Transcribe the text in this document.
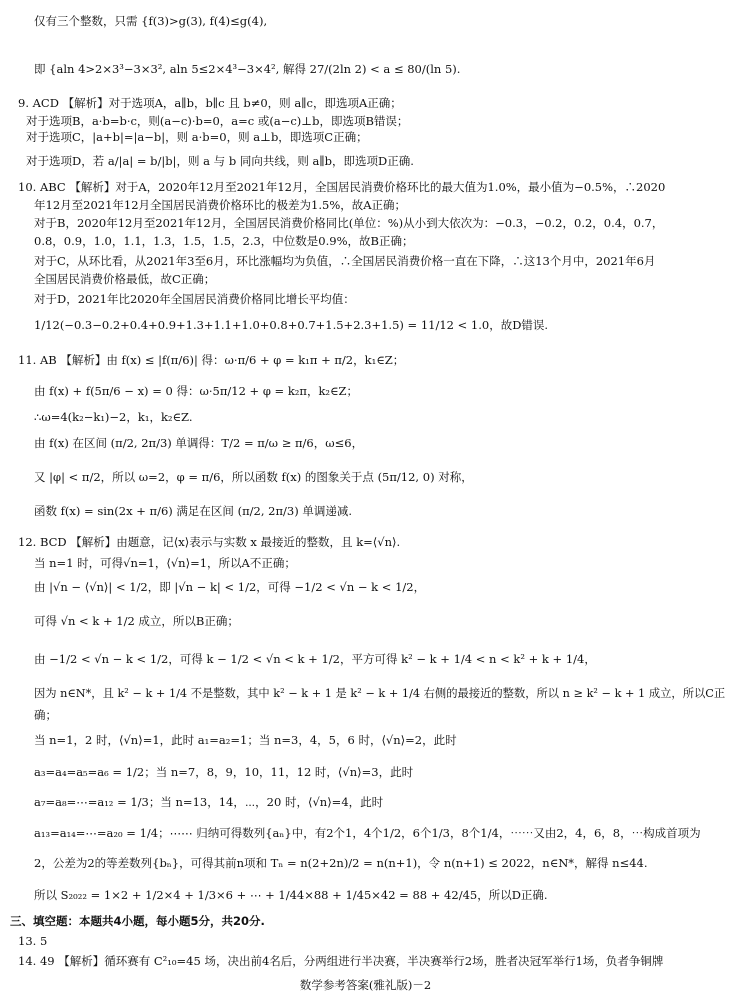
仅有三个整数，只需 {f(3)>g(3), f(4)≤g(4),
即 {aln 4>2×3³−3×3², aln 5≤2×4³−3×4², 解得 27/(2ln 2) < a ≤ 80/(ln 5).
9. ACD 【解析】对于选项A，a∥b，b∥c 且 b≠0，则 a∥c，即选项A正确；
对于选项B，a·b=b·c，则(a−c)·b=0，a=c 或(a−c)⊥b，即选项B错误；
对于选项C，|a+b|=|a−b|，则 a·b=0，则 a⊥b，即选项C正确；
对于选项D，若 a/|a| = b/|b|，则 a 与 b 同向共线，则 a∥b，即选项D正确.
10. ABC 【解析】对于A，2020年12月至2021年12月，全国居民消费价格环比的最大值为1.0%，最小值为−0.5%，∴2020
年12月至2021年12月全国居民消费价格环比的极差为1.5%，故A正确；
对于B，2020年12月至2021年12月，全国居民消费价格同比(单位：%)从小到大依次为：−0.3，−0.2，0.2，0.4，0.7，
0.8，0.9，1.0，1.1，1.3，1.5，1.5，2.3，中位数是0.9%，故B正确；
对于C，从环比看，从2021年3至6月，环比涨幅均为负值，∴全国居民消费价格一直在下降，∴这13个月中，2021年6月
全国居民消费价格最低，故C正确；
对于D，2021年比2020年全国居民消费价格同比增长平均值：
1/12(−0.3−0.2+0.4+0.9+1.3+1.1+1.0+0.8+0.7+1.5+2.3+1.5) = 11/12 < 1.0，故D错误.
11. AB 【解析】由 f(x) ≤ |f(π/6)| 得：ω·π/6 + φ = k₁π + π/2，k₁∈Z；
由 f(x) + f(5π/6 − x) = 0 得：ω·5π/12 + φ = k₂π，k₂∈Z；
∴ω=4(k₂−k₁)−2，k₁，k₂∈Z.
由 f(x) 在区间 (π/2, 2π/3) 单调得：T/2 = π/ω ≥ π/6，ω≤6，
又 |φ| < π/2，所以 ω=2，φ = π/6，所以函数 f(x) 的图象关于点 (5π/12, 0) 对称，
函数 f(x) = sin(2x + π/6) 满足在区间 (π/2, 2π/3) 单调递减.
12. BCD 【解析】由题意，记⟨x⟩表示与实数 x 最接近的整数，且 k=⟨√n⟩.
当 n=1 时，可得√n=1，⟨√n⟩=1，所以A不正确；
由 |√n − ⟨√n⟩| < 1/2，即 |√n − k| < 1/2，可得 −1/2 < √n − k < 1/2，
可得 √n < k + 1/2 成立，所以B正确；
由 −1/2 < √n − k < 1/2，可得 k − 1/2 < √n < k + 1/2，平方可得 k² − k + 1/4 < n < k² + k + 1/4，
因为 n∈N*，且 k² − k + 1/4 不是整数，其中 k² − k + 1 是 k² − k + 1/4 右侧的最接近的整数，所以 n ≥ k² − k + 1 成立，所以C正
确；
当 n=1，2 时，⟨√n⟩=1，此时 a₁=a₂=1；当 n=3，4，5，6 时，⟨√n⟩=2，此时
a₃=a₄=a₅=a₆ = 1/2；当 n=7，8，9，10，11，12 时，⟨√n⟩=3，此时
a₇=a₈=⋯=a₁₂ = 1/3；当 n=13，14，⋯，20 时，⟨√n⟩=4，此时
a₁₃=a₁₄=⋯=a₂₀ = 1/4；⋯⋯ 归纳可得数列{aₙ}中，有2个1，4个1/2，6个1/3，8个1/4，⋯⋯又由2，4，6，8，⋯构成首项为
2，公差为2的等差数列{bₙ}，可得其前n项和 Tₙ = n(2+2n)/2 = n(n+1)，令 n(n+1) ≤ 2022，n∈N*，解得 n≤44.
所以 S₂₀₂₂ = 1×2 + 1/2×4 + 1/3×6 + ⋯ + 1/44×88 + 1/45×42 = 88 + 42/45，所以D正确.
三、填空题：本题共4小题，每小题5分，共20分.
13. 5
14. 49 【解析】循环赛有 C²₁₀=45 场，决出前4名后，分两组进行半决赛，半决赛举行2场，胜者决冠军举行1场，负者争铜牌
数学参考答案(雅礼版)－2
